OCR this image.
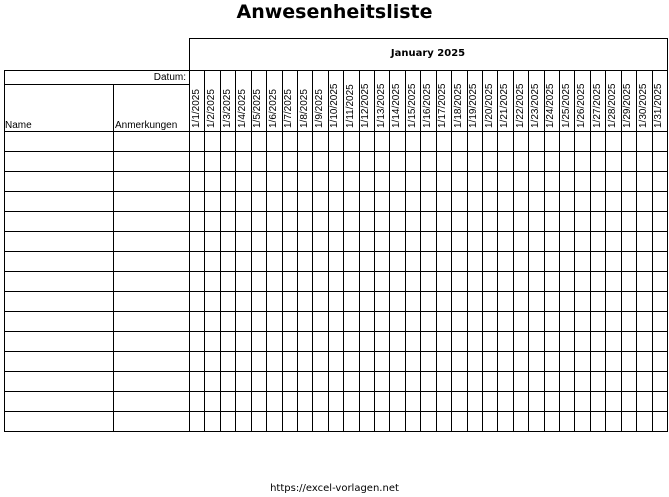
Anwesenheitsliste
1/1/2025 1/2/2025 1/3/2025 1/4/2025 1/5/2025 1/6/2025 1/7/2025 1/8/2025 1/9/2025 1/10/2025 1/11/2025 1/12/2025 1/13/2025 1/14/2025 1/15/2025 1/16/2025 1/17/2025 1/18/2025 1/19/2025 1/20/2025 1/21/2025 1/22/2025 1/23/2025 1/24/2025 1/25/2025 1/26/2025 1/27/2025 1/28/2025 1/29/2025 1/30/2025 1/31/2025
January 2025
Datum:
Name	Anmerkungen
https://excel-vorlagen.net
